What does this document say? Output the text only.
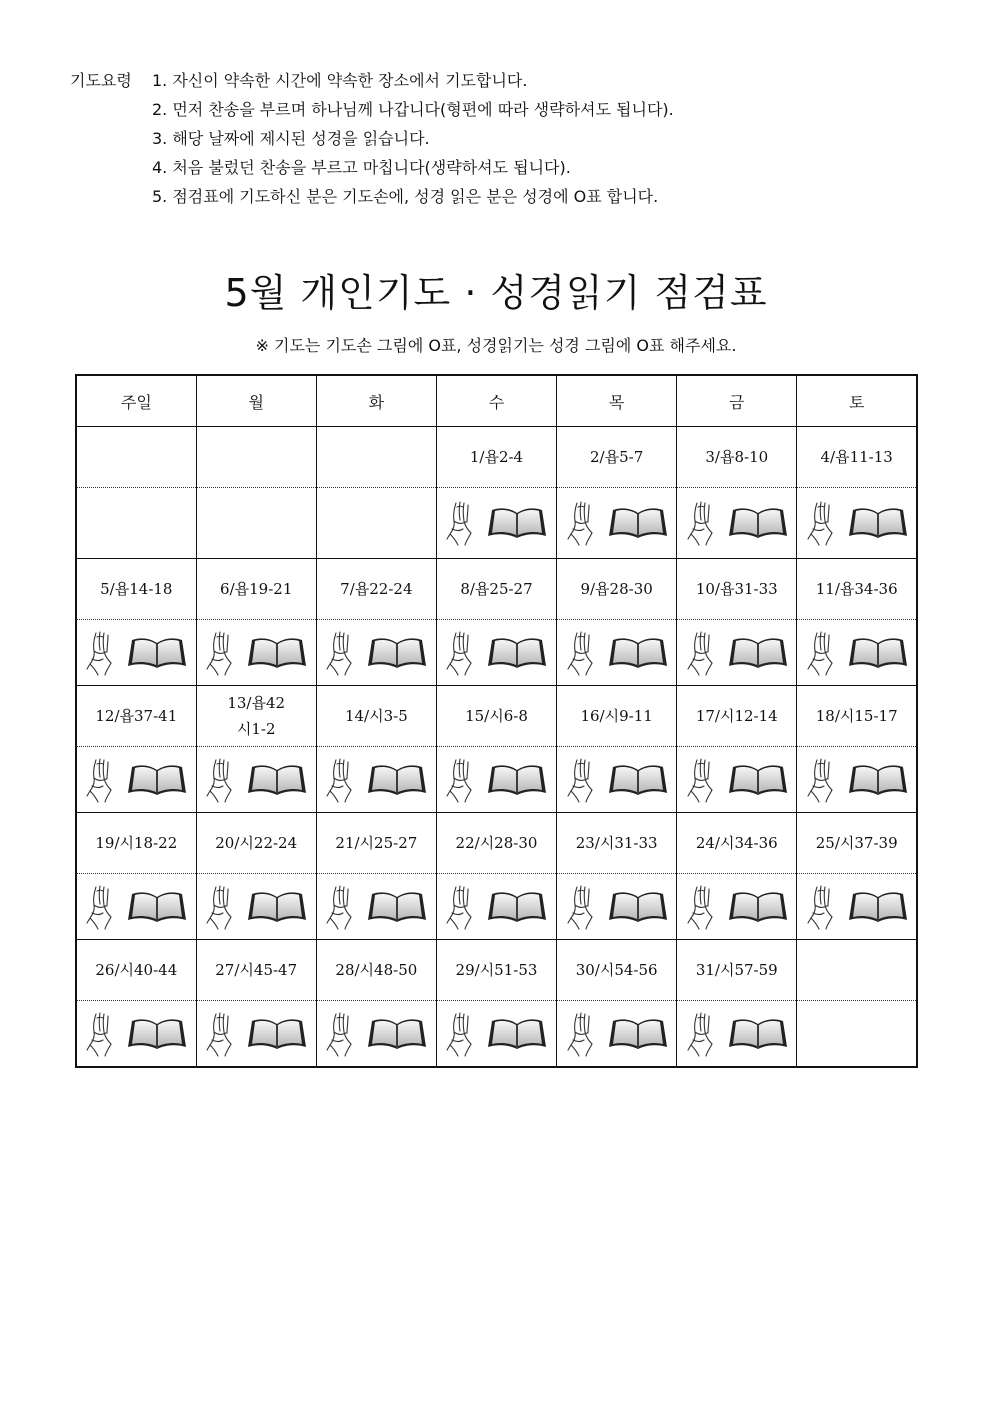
기도요령	1. 자신이 약속한 시간에 약속한 장소에서 기도합니다.
2. 먼저 찬송을 부르며 하나님께 나갑니다(형편에 따라 생략하셔도 됩니다).
3. 해당 날짜에 제시된 성경을 읽습니다.
4. 처음 불렀던 찬송을 부르고 마칩니다(생략하셔도 됩니다).
5. 점검표에 기도하신 분은 기도손에, 성경 읽은 분은 성경에 O표 합니다.
5월 개인기도 · 성경읽기 점검표
※ 기도는 기도손 그림에 O표, 성경읽기는 성경 그림에 O표 해주세요.
주일	월	화	수	목	금	토
			1/욥2-4	2/욥5-7	3/욥8-10	4/욥11-13

5/욥14-18	6/욥19-21	7/욥22-24	8/욥25-27	9/욥28-30	10/욥31-33	11/욥34-36

12/욥37-41	13/욥42
시1-2	14/시3-5	15/시6-8	16/시9-11	17/시12-14	18/시15-17

19/시18-22	20/시22-24	21/시25-27	22/시28-30	23/시31-33	24/시34-36	25/시37-39

26/시40-44	27/시45-47	28/시48-50	29/시51-53	30/시54-56	31/시57-59	
